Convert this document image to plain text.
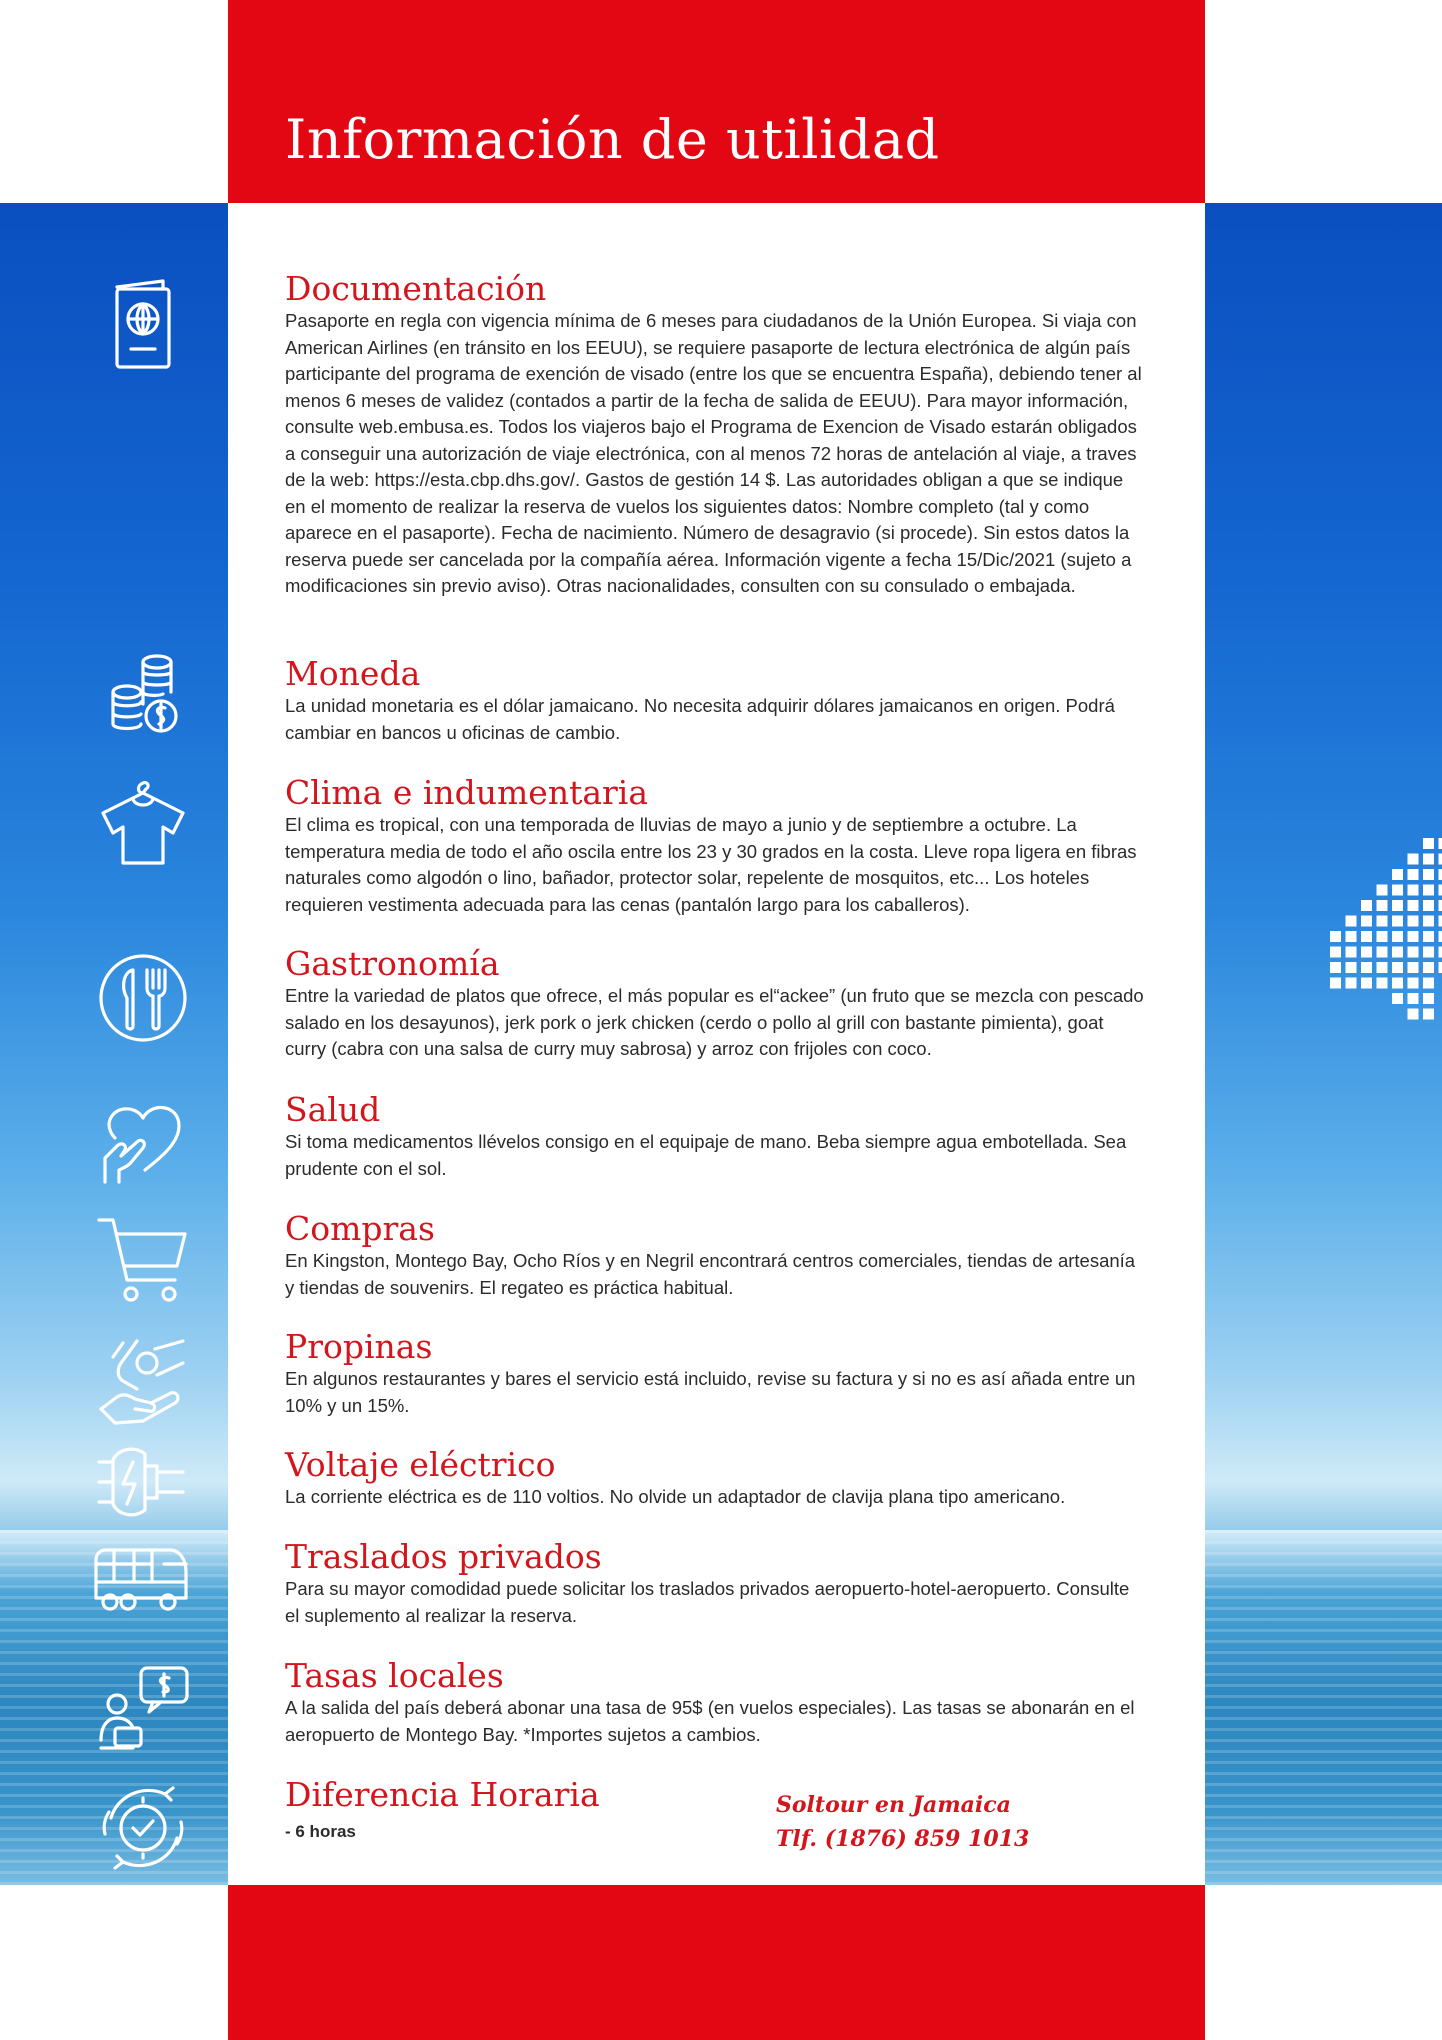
Información de utilidad
Documentación

Pasaporte en regla con vigencia mínima de 6 meses para ciudadanos de la Unión Europea. Si viaja con American Airlines (en tránsito en los EEUU), se requiere pasaporte de lectura electrónica de algún país participante del programa de exención de visado (entre los que se encuentra España), debiendo tener al menos 6 meses de validez (contados a partir de la fecha de salida de EEUU). Para mayor información, consulte web.embusa.es. Todos los viajeros bajo el Programa de Exencion de Visado estarán obligados a conseguir una autorización de viaje electrónica, con al menos 72 horas de antelación al viaje, a traves de la web: https://esta.cbp.dhs.gov/. Gastos de gestión 14 $. Las autoridades obligan a que se indique en el momento de realizar la reserva de vuelos los siguientes datos: Nombre completo (tal y como aparece en el pasaporte). Fecha de nacimiento. Número de desagravio (si procede). Sin estos datos la reserva puede ser cancelada por la compañía aérea. Información vigente a fecha 15/Dic/2021 (sujeto a modificaciones sin previo aviso). Otras nacionalidades, consulten con su consulado o embajada.

Moneda

La unidad monetaria es el dólar jamaicano. No necesita adquirir dólares jamaicanos en origen. Podrá cambiar en bancos u oficinas de cambio.

Clima e indumentaria

El clima es tropical, con una temporada de lluvias de mayo a junio y de septiembre a octubre. La temperatura media de todo el año oscila entre los 23 y 30 grados en la costa. Lleve ropa ligera en fibras naturales como algodón o lino, bañador, protector solar, repelente de mosquitos, etc... Los hoteles requieren vestimenta adecuada para las cenas (pantalón largo para los caballeros).

Gastronomía

Entre la variedad de platos que ofrece, el más popular es el“ackee” (un fruto que se mezcla con pescado salado en los desayunos), jerk pork o jerk chicken (cerdo o pollo al grill con bastante pimienta), goat curry (cabra con una salsa de curry muy sabrosa) y arroz con frijoles con coco.

Salud

Si toma medicamentos llévelos consigo en el equipaje de mano. Beba siempre agua embotellada. Sea prudente con el sol.

Compras

En Kingston, Montego Bay, Ocho Ríos y en Negril encontrará centros comerciales, tiendas de artesanía y tiendas de souvenirs. El regateo es práctica habitual.

Propinas

En algunos restaurantes y bares el servicio está incluido, revise su factura y si no es así añada entre un 10% y un 15%.

Voltaje eléctrico

La corriente eléctrica es de 110 voltios. No olvide un adaptador de clavija plana tipo americano.

Traslados privados

Para su mayor comodidad puede solicitar los traslados privados aeropuerto-hotel-aeropuerto. Consulte el suplemento al realizar la reserva.

Tasas locales

A la salida del país deberá abonar una tasa de 95$ (en vuelos especiales). Las tasas se abonarán en el aeropuerto de Montego Bay. *Importes sujetos a cambios.

Diferencia Horaria

- 6 horas

Soltour en Jamaica
Tlf. (1876) 859 1013
